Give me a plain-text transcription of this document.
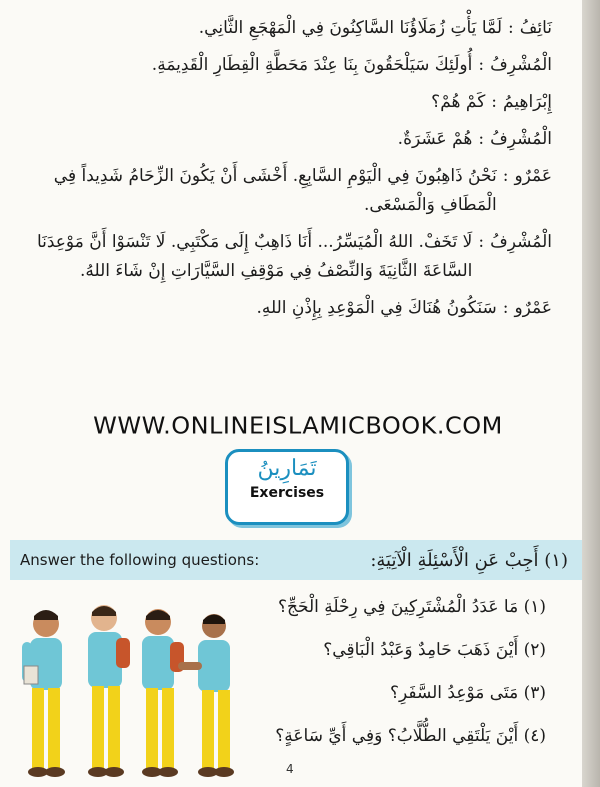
نَائِفُ
:
لَمَّا يَأْتِ زُمَلَاؤُنَا السَّاكِنُونَ فِي الْمَهْجَعِ الثَّانِي.
الْمُشْرِفُ
:
أُولَئِكَ سَيَلْحَقُونَ بِنَا عِنْدَ مَحَطَّةِ الْقِطَارِ الْقَدِيمَةِ.
إِبْرَاهِيمُ
:
كَمْ هُمْ؟
الْمُشْرِفُ
:
هُمْ عَشَرَةٌ.
عَمْرٌو
:
نَحْنُ ذَاهِبُونَ فِي الْيَوْمِ السَّابِعِ. أَخْشَى أَنْ يَكُونَ الزِّحَامُ شَدِيداً فِي الْمَطَافِ وَالْمَسْعَى.
الْمُشْرِفُ
:
لَا تَخَفْ. اللهُ الْمُيَسِّرُ... أَنَا ذَاهِبٌ إِلَى مَكْتَبِي. لَا تَنْسَوْا أَنَّ مَوْعِدَنَا السَّاعَةَ الثَّانِيَةَ وَالنِّصْفُ فِي مَوْقِفِ السَّيَّارَاتِ إِنْ شَاءَ اللهُ.
عَمْرٌو
:
سَنَكُونُ هُنَاكَ فِي الْمَوْعِدِ بِإِذْنِ اللهِ.
WWW.ONLINEISLAMICBOOK.COM
تَمَارِينُ
Exercises
Answer the following questions:	(١) أَجِبْ عَنِ الْأَسْئِلَةِ الْآتِيَةِ:
(١) مَا عَدَدُ الْمُشْتَرِكِينَ فِي رِحْلَةِ الْحَجِّ؟
(٢) أَيْنَ ذَهَبَ حَامِدٌ وَعَبْدُ الْبَاقِي؟
(٣) مَتَى مَوْعِدُ السَّفَرِ؟
(٤) أَيْنَ يَلْتَقِي الطُّلَّابُ؟ وَفِي أَيِّ سَاعَةٍ؟
4
